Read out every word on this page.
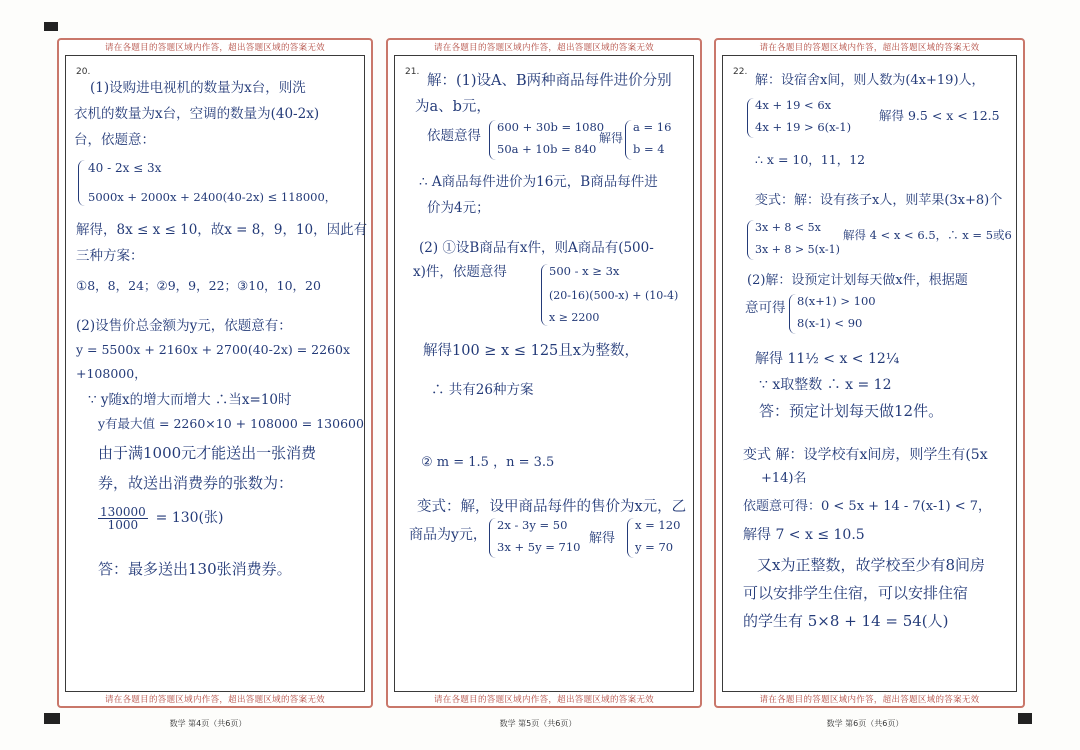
请在各题目的答题区域内作答，超出答题区域的答案无效
20.
(1)设购进电视机的数量为x台，则洗
衣机的数量为x台，空调的数量为(40-2x)
台，依题意：
40 - 2x ≤ 3x
5000x + 2000x + 2400(40-2x) ≤ 118000，
解得，8x ≤ x ≤ 10，故x = 8，9，10，因此有
三种方案：
①8，8，24；②9，9，22；③10，10，20
(2)设售价总金额为y元，依题意有：
y = 5500x + 2160x + 2700(40-2x) = 2260x
+108000，
∵ y随x的增大而增大 ∴当x=10时
y有最大值 = 2260×10 + 108000 = 130600
由于满1000元才能送出一张消费
券，故送出消费券的张数为：
$\frac{130000}{1000} = 130$(张)
答：最多送出130张消费券。
请在各题目的答题区域内作答，超出答题区域的答案无效
请在各题目的答题区域内作答，超出答题区域的答案无效
21.
解：(1)设A、B两种商品每件进价分别
为a、b元，
依题意得
600 + 30b = 1080
50a + 10b = 840
解得
a = 16
b = 4
∴ A商品每件进价为16元，B商品每件进
价为4元；
(2) ①设B商品有x件，则A商品有(500-
x)件，依题意得	500 - x ≥ 3x
(20-16)(500-x) + (10-4)
x ≥ 2200
解得100 ≥ x ≤ 125且x为整数，
∴ 共有26种方案
② m = 1.5 ，n = 3.5
变式：解，设甲商品每件的售价为x元，乙
商品为y元，
2x - 3y = 50
3x + 5y = 710
解得
x = 120
y = 70
请在各题目的答题区域内作答，超出答题区域的答案无效
请在各题目的答题区域内作答，超出答题区域的答案无效
22.
解：设宿舍x间，则人数为(4x+19)人，
4x + 19 < 6x
4x + 19 > 6(x-1)
解得 9.5 < x < 12.5
∴ x = 10，11，12
变式：解：设有孩子x人，则苹果(3x+8)个
3x + 8 < 5x
3x + 8 > 5(x-1)
解得 4 < x < 6.5，∴ x = 5或6
(2)解：设预定计划每天做x件，根据题
意可得 8(x+1) > 100
8(x-1) < 90
解得 11½ < x < 12¼
∵ x取整数 ∴ x = 12
答：预定计划每天做12件。
变式 解：设学校有x间房，则学生有(5x
+14)名
依题意可得：0 < 5x + 14 - 7(x-1) < 7，
解得 7 < x ≤ 10.5
又x为正整数，故学校至少有8间房
可以安排学生住宿，可以安排住宿
的学生有 5×8 + 14 = 54(人)
请在各题目的答题区域内作答，超出答题区域的答案无效
数学 第4页（共6页）	数学 第5页（共6页）	数学 第6页（共6页）
